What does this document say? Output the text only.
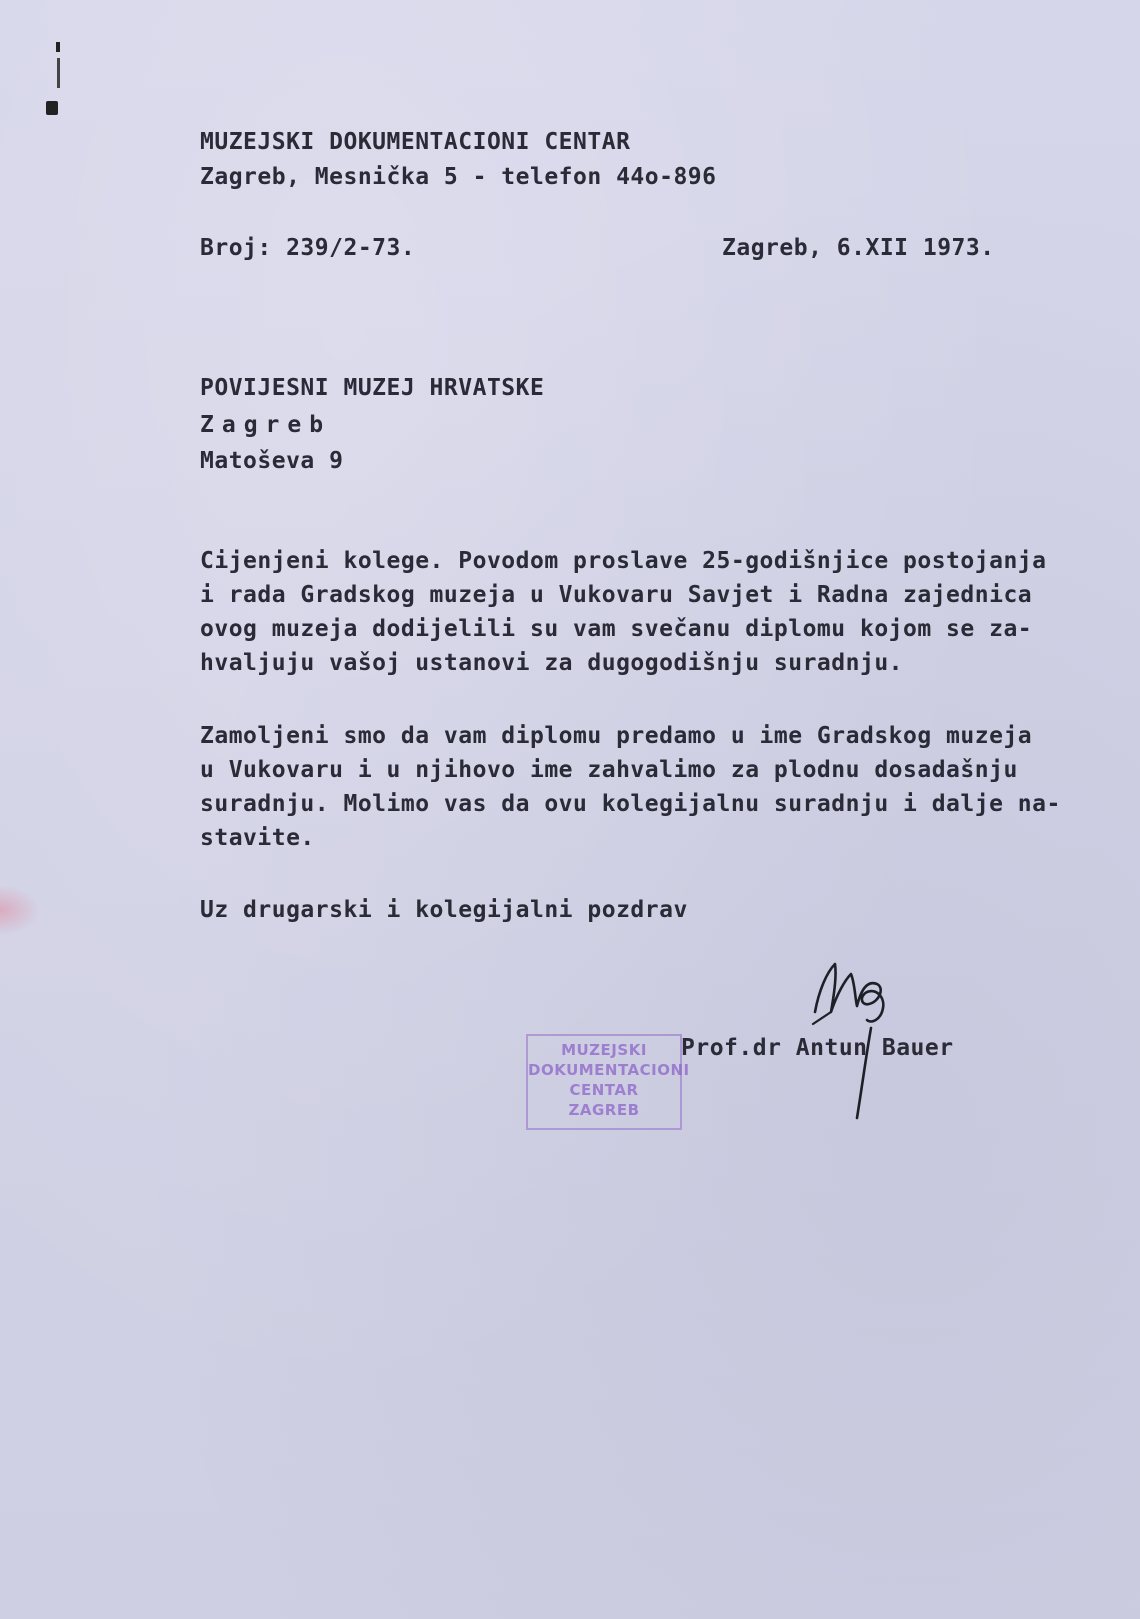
MUZEJSKI DOKUMENTACIONI CENTAR
Zagreb, Mesnička 5 - telefon 44o-896
Broj: 239/2-73.	Zagreb, 6.XII 1973.
POVIJESNI MUZEJ HRVATSKE
Zagreb
Matoševa 9
Cijenjeni kolege. Povodom proslave 25-godišnjice postojanja
i rada Gradskog muzeja u Vukovaru Savjet i Radna zajednica
ovog muzeja dodijelili su vam svečanu diplomu kojom se za-
hvaljuju vašoj ustanovi za dugogodišnju suradnju.
Zamoljeni smo da vam diplomu predamo u ime Gradskog muzeja
u Vukovaru i u njihovo ime zahvalimo za plodnu dosadašnju
suradnju. Molimo vas da ovu kolegijalnu suradnju i dalje na-
stavite.
Uz drugarski i kolegijalni pozdrav
MUZEJSKI
DOKUMENTACIONI
CENTAR
ZAGREB
Prof.dr Antun Bauer
